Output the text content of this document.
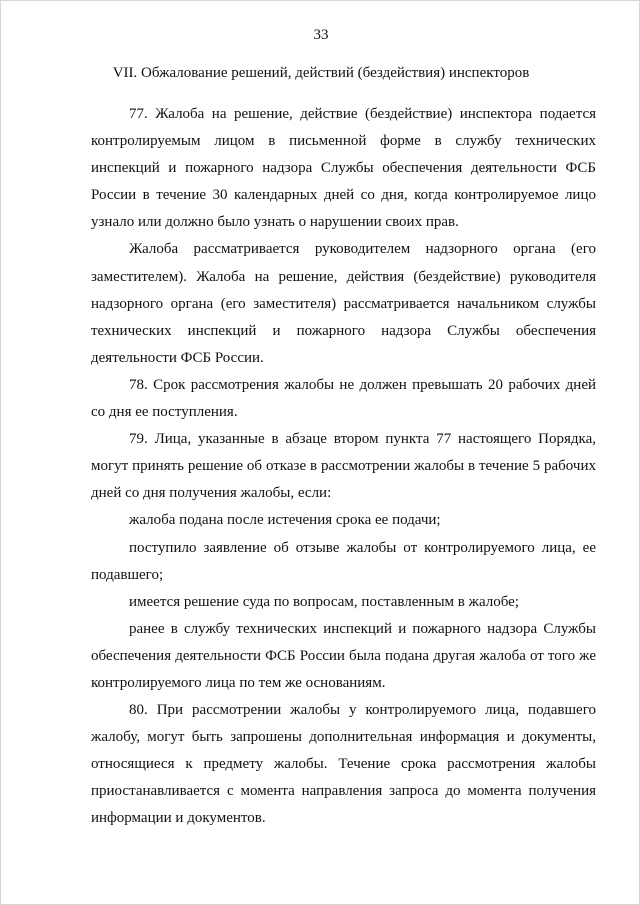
33
VII. Обжалование решений, действий (бездействия) инспекторов

77. Жалоба на решение, действие (бездействие) инспектора подается контролируемым лицом в письменной форме в службу технических инспекций и пожарного надзора Службы обеспечения деятельности ФСБ России в течение 30 календарных дней со дня, когда контролируемое лицо узнало или должно было узнать о нарушении своих прав.

Жалоба рассматривается руководителем надзорного органа (его заместителем). Жалоба на решение, действия (бездействие) руководителя надзорного органа (его заместителя) рассматривается начальником службы технических инспекций и пожарного надзора Службы обеспечения деятельности ФСБ России.

78. Срок рассмотрения жалобы не должен превышать 20 рабочих дней со дня ее поступления.

79. Лица, указанные в абзаце втором пункта 77 настоящего Порядка, могут принять решение об отказе в рассмотрении жалобы в течение 5 рабочих дней со дня получения жалобы, если:

жалоба подана после истечения срока ее подачи;

поступило заявление об отзыве жалобы от контролируемого лица, ее подавшего;

имеется решение суда по вопросам, поставленным в жалобе;

ранее в службу технических инспекций и пожарного надзора Службы обеспечения деятельности ФСБ России была подана другая жалоба от того же контролируемого лица по тем же основаниям.

80. При рассмотрении жалобы у контролируемого лица, подавшего жалобу, могут быть запрошены дополнительная информация и документы, относящиеся к предмету жалобы. Течение срока рассмотрения жалобы приостанавливается с момента направления запроса до момента получения информации и документов.
